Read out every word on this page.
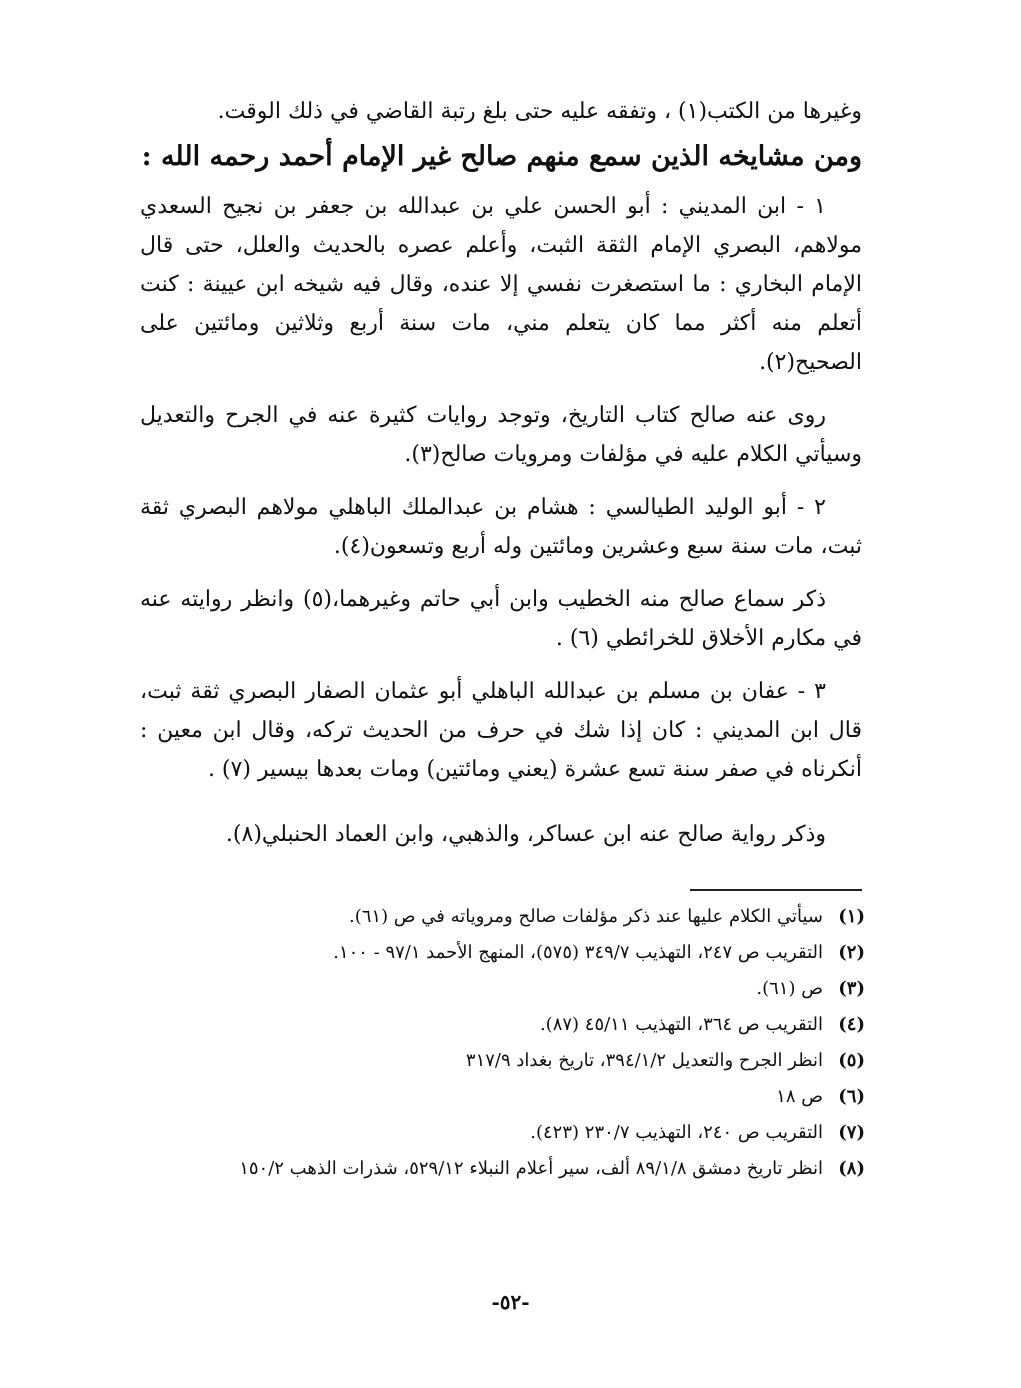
وغيرها من الكتب(١) ، وتفقه عليه حتى بلغ رتبة القاضي في ذلك الوقت.

ومن مشايخه الذين سمع منهم صالح غير الإمام أحمد رحمه الله :

١ - ابن المديني : أبو الحسن علي بن عبدالله بن جعفر بن نجيح السعدي مولاهم، البصري الإمام الثقة الثبت، وأعلم عصره بالحديث والعلل، حتى قال الإمام البخاري : ما استصغرت نفسي إلا عنده، وقال فيه شيخه ابن عيينة : كنت أتعلم منه أكثر مما كان يتعلم مني، مات سنة أربع وثلاثين ومائتين على الصحيح(٢).

روى عنه صالح كتاب التاريخ، وتوجد روايات كثيرة عنه في الجرح والتعديل وسيأتي الكلام عليه في مؤلفات ومرويات صالح(٣).

٢ - أبو الوليد الطيالسي : هشام بن عبدالملك الباهلي مولاهم البصري ثقة ثبت، مات سنة سبع وعشرين ومائتين وله أربع وتسعون(٤).

ذكر سماع صالح منه الخطيب وابن أبي حاتم وغيرهما،(٥) وانظر روايته عنه في مكارم الأخلاق للخرائطي (٦) .

٣ - عفان بن مسلم بن عبدالله الباهلي أبو عثمان الصفار البصري ثقة ثبت، قال ابن المديني : كان إذا شك في حرف من الحديث تركه، وقال ابن معين : أنكرناه في صفر سنة تسع عشرة (يعني ومائتين) ومات بعدها بيسير (٧) .

وذكر رواية صالح عنه ابن عساكر، والذهبي، وابن العماد الحنبلي(٨).

(١)
سيأتي الكلام عليها عند ذكر مؤلفات صالح ومروياته في ص (٦١).
(٢)
التقريب ص ٢٤٧، التهذيب ٣٤٩/٧ (٥٧٥)، المنهج الأحمد ٩٧/١ - ١٠٠.
(٣)
ص (٦١).
(٤)
التقريب ص ٣٦٤، التهذيب ٤٥/١١ (٨٧).
(٥)
انظر الجرح والتعديل ٣٩٤/١/٢، تاريخ بغداد ٣١٧/٩
(٦)
ص ١٨
(٧)
التقريب ص ٢٤٠، التهذيب ٢٣٠/٧ (٤٢٣).
(٨)
انظر تاريخ دمشق ٨٩/١/٨ ألف، سير أعلام النبلاء ٥٢٩/١٢، شذرات الذهب ١٥٠/٢
-٥٢-
